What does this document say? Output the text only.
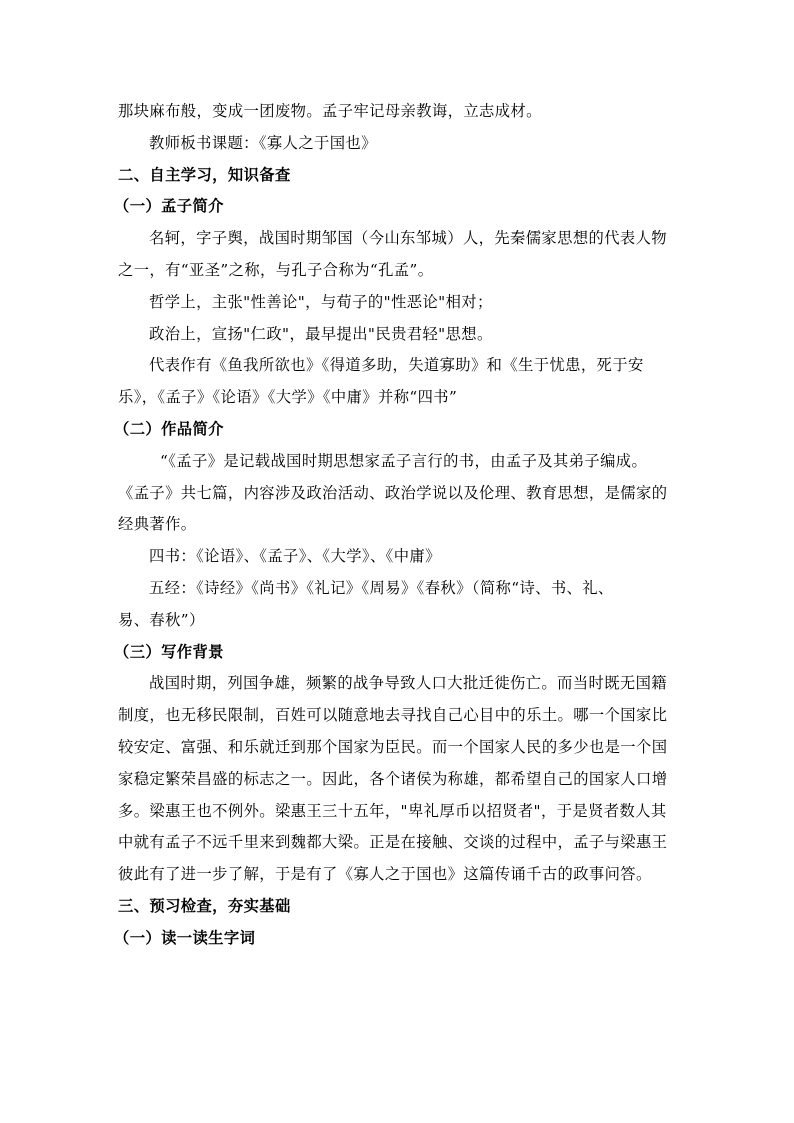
那块麻布般，变成一团废物。孟子牢记母亲教诲，立志成材。

教师板书课题：《寡人之于国也》

二、自主学习，知识备查

（一）孟子简介

名轲，字子舆，战国时期邹国（今山东邹城）人，先秦儒家思想的代表人物

之一，有“亚圣”之称，与孔子合称为“孔孟”。

哲学上，主张"性善论"，与荀子的"性恶论"相对；

政治上，宣扬"仁政"，最早提出"民贵君轻"思想。

代表作有《鱼我所欲也》《得道多助，失道寡助》和《生于忧患，死于安

乐》，《孟子》《论语》《大学》《中庸》并称“四书”

（二）作品简介

“《孟子》是记载战国时期思想家孟子言行的书，由孟子及其弟子编成。

《孟子》共七篇，内容涉及政治活动、政治学说以及伦理、教育思想，是儒家的

经典著作。

四书：《论语》、《孟子》、《大学》、《中庸》

五经：《诗经》《尚书》《礼记》《周易》《春秋》（简称“诗、书、礼、

易、春秋”）

（三）写作背景

战国时期，列国争雄，频繁的战争导致人口大批迁徙伤亡。而当时既无国籍

制度，也无移民限制，百姓可以随意地去寻找自己心目中的乐土。哪一个国家比

较安定、富强、和乐就迁到那个国家为臣民。而一个国家人民的多少也是一个国

家稳定繁荣昌盛的标志之一。因此，各个诸侯为称雄，都希望自己的国家人口增

多。梁惠王也不例外。梁惠王三十五年，"卑礼厚币以招贤者"，于是贤者数人其

中就有孟子不远千里来到魏都大梁。正是在接触、交谈的过程中，孟子与梁惠王

彼此有了进一步了解，于是有了《寡人之于国也》这篇传诵千古的政事问答。

三、预习检查，夯实基础

（一）读一读生字词
